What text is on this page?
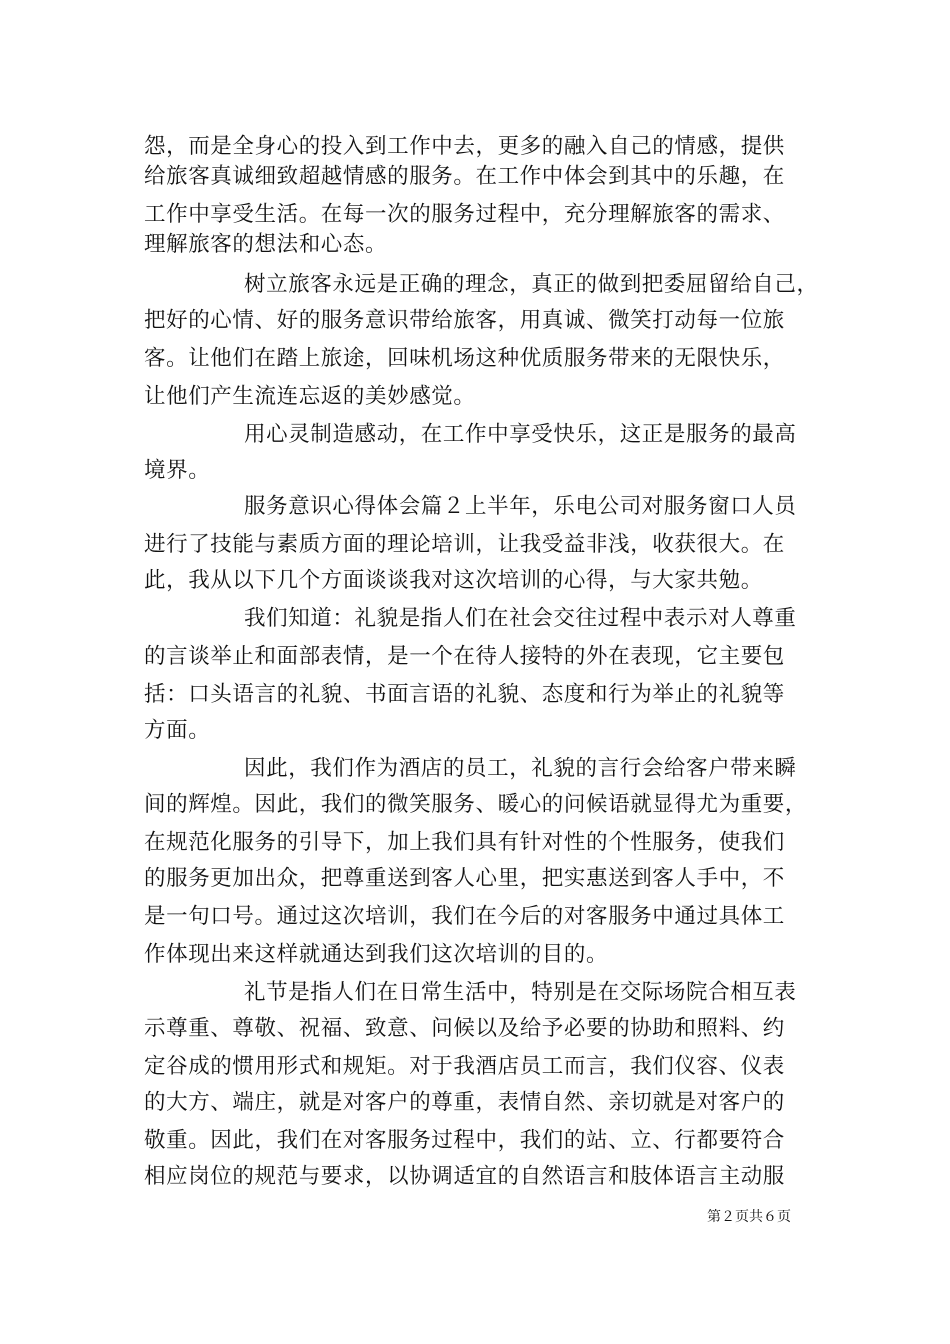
怨，而是全身心的投入到工作中去，更多的融入自己的情感，提供
给旅客真诚细致超越情感的服务。在工作中体会到其中的乐趣，在
工作中享受生活。在每一次的服务过程中，充分理解旅客的需求、
理解旅客的想法和心态。
树立旅客永远是正确的理念，真正的做到把委屈留给自己，
把好的心情、好的服务意识带给旅客，用真诚、微笑打动每一位旅
客。让他们在踏上旅途，回味机场这种优质服务带来的无限快乐，
让他们产生流连忘返的美妙感觉。
用心灵制造感动，在工作中享受快乐，这正是服务的最高
境界。
服务意识心得体会篇２上半年，乐电公司对服务窗口人员
进行了技能与素质方面的理论培训，让我受益非浅，收获很大。在
此，我从以下几个方面谈谈我对这次培训的心得，与大家共勉。
我们知道：礼貌是指人们在社会交往过程中表示对人尊重
的言谈举止和面部表情，是一个在待人接特的外在表现，它主要包
括：口头语言的礼貌、书面言语的礼貌、态度和行为举止的礼貌等
方面。
因此，我们作为酒店的员工，礼貌的言行会给客户带来瞬
间的辉煌。因此，我们的微笑服务、暖心的问候语就显得尤为重要，
在规范化服务的引导下，加上我们具有针对性的个性服务，使我们
的服务更加出众，把尊重送到客人心里，把实惠送到客人手中，不
是一句口号。通过这次培训，我们在今后的对客服务中通过具体工
作体现出来这样就通达到我们这次培训的目的。
礼节是指人们在日常生活中，特别是在交际场院合相互表
示尊重、尊敬、祝福、致意、问候以及给予必要的协助和照料、约
定谷成的惯用形式和规矩。对于我酒店员工而言，我们仪容、仪表
的大方、端庄，就是对客户的尊重，表情自然、亲切就是对客户的
敬重。因此，我们在对客服务过程中，我们的站、立、行都要符合
相应岗位的规范与要求，以协调适宜的自然语言和肢体语言主动服
第２页共６页
